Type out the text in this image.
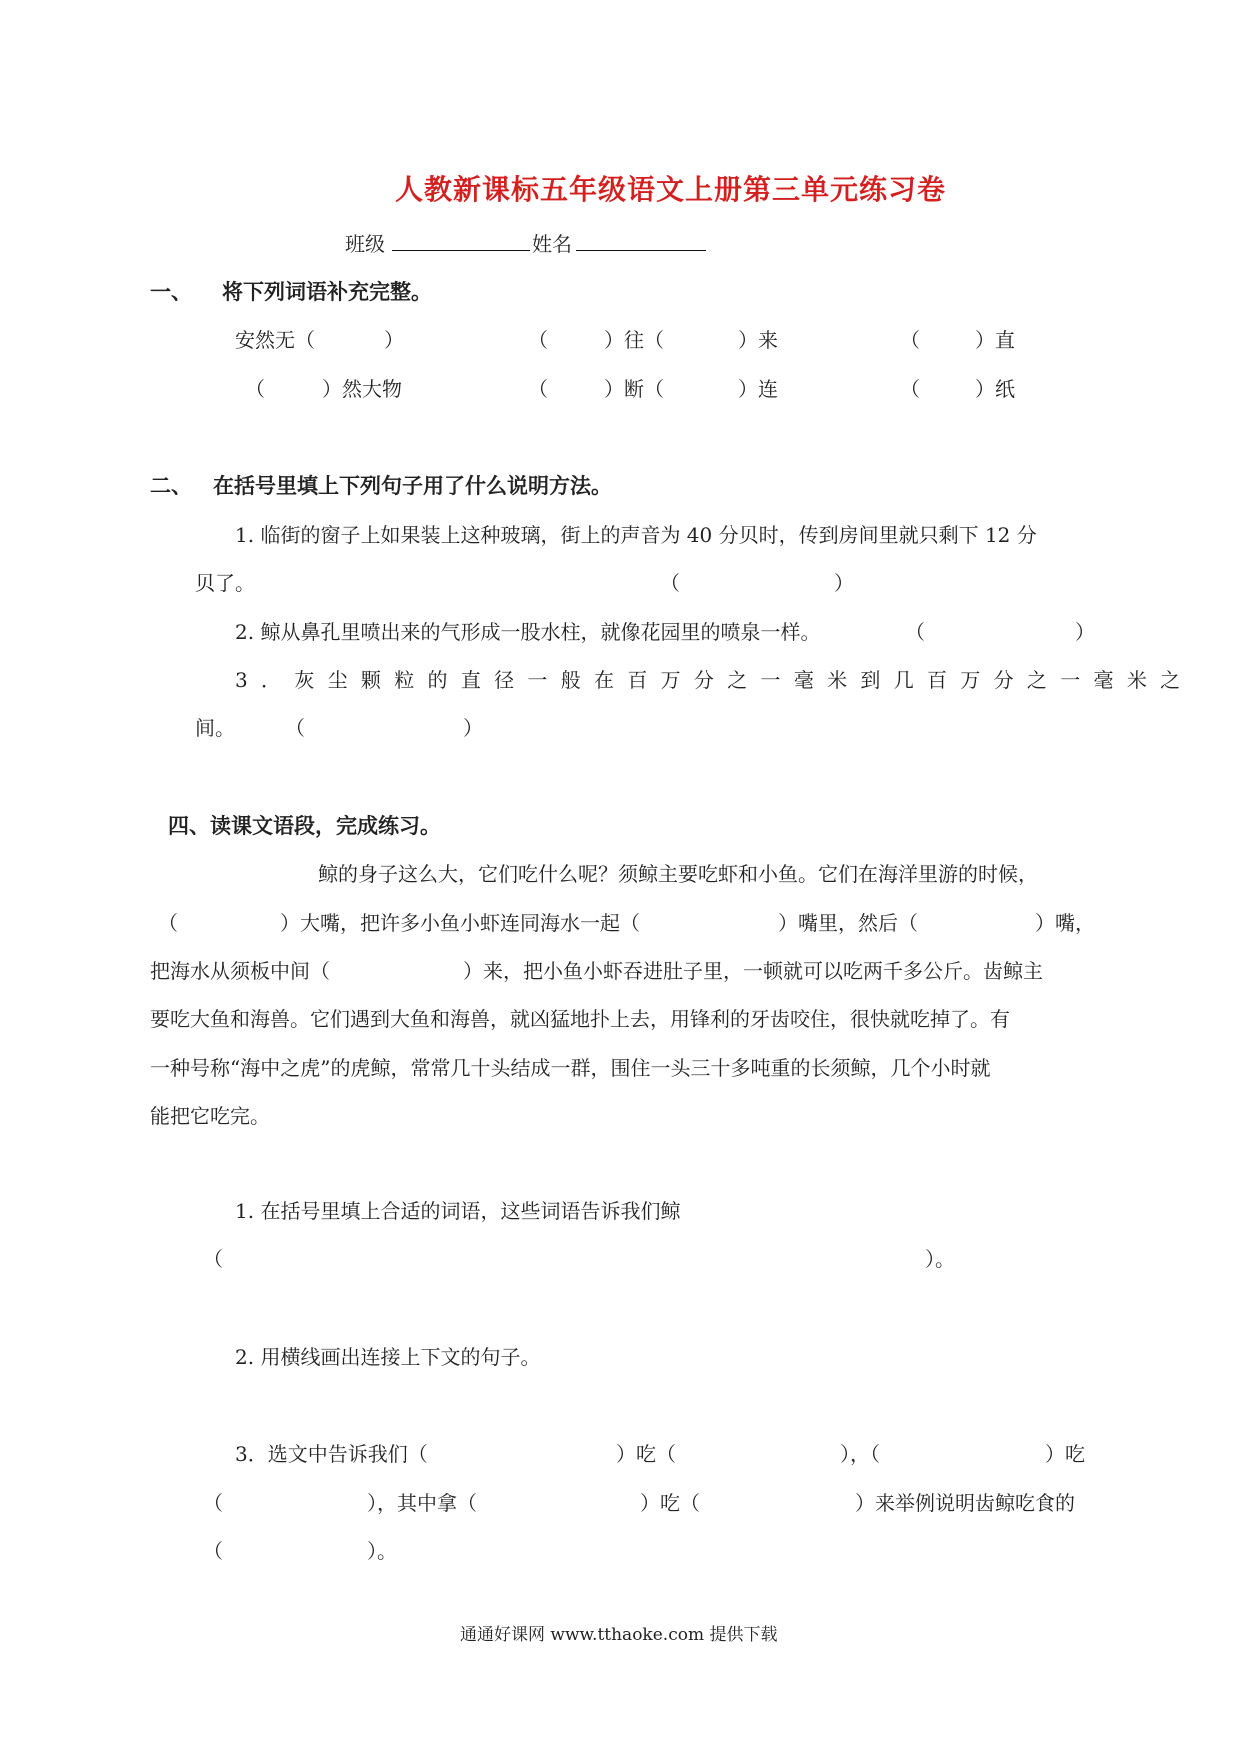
人教新课标五年级语文上册第三单元练习卷
班级	姓名
一、 将下列词语补充完整。
安然无（	）	（	）往（	）来	（	）直
（	）然大物	（	）断（	）连	（	）纸
二、 在括号里填上下列句子用了什么说明方法。
1. 临街的窗子上如果装上这种玻璃，街上的声音为 40 分贝时，传到房间里就只剩下 12 分
贝了。	（	）
2. 鲸从鼻孔里喷出来的气形成一股水柱，就像花园里的喷泉一样。	（	）
3．灰尘颗粒的直径一般在百万分之一毫米到几百万分之一毫米之
间。	（	）
四、读课文语段，完成练习。
鲸的身子这么大，它们吃什么呢？须鲸主要吃虾和小鱼。它们在海洋里游的时候，
（	）大嘴，把许多小鱼小虾连同海水一起（	）嘴里，然后（	）嘴，
把海水从须板中间（	）来，把小鱼小虾吞进肚子里，一顿就可以吃两千多公斤。齿鲸主
要吃大鱼和海兽。它们遇到大鱼和海兽，就凶猛地扑上去，用锋利的牙齿咬住，很快就吃掉了。有
一种号称“海中之虎”的虎鲸，常常几十头结成一群，围住一头三十多吨重的长须鲸，几个小时就
能把它吃完。
1. 在括号里填上合适的词语，这些词语告诉我们鲸
（	）。
2. 用横线画出连接上下文的句子。
3．选文中告诉我们（	）吃（	），（	）吃
（	），其中拿（	）吃（	）来举例说明齿鲸吃食的
（	）。
通通好课网 www.tthaoke.com 提供下载
